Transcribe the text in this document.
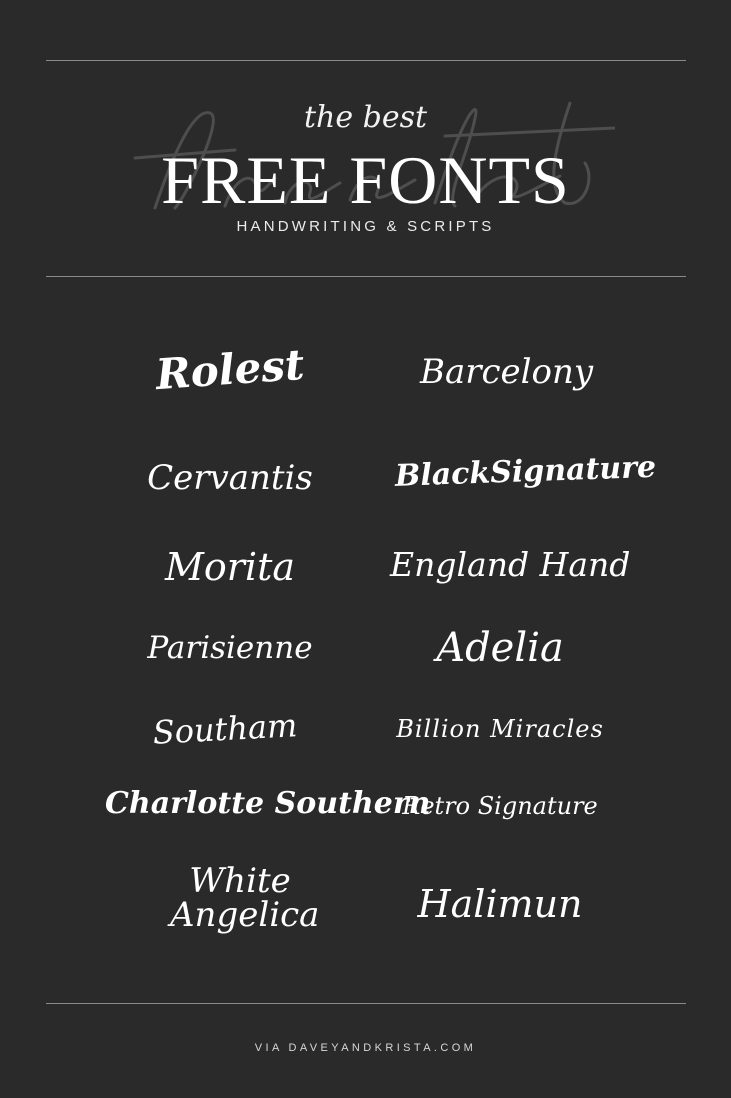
the best
FREE FONTS
HANDWRITING & SCRIPTS
Rolest
Cervantis
Morita
Parisienne
Southam
Charlotte Southern
White Angelica
Barcelony
BlackSignature
England Hand
Adelia
Billion Miracles
Retro Signature
Halimun
VIA DAVEYANDKRISTA.COM
